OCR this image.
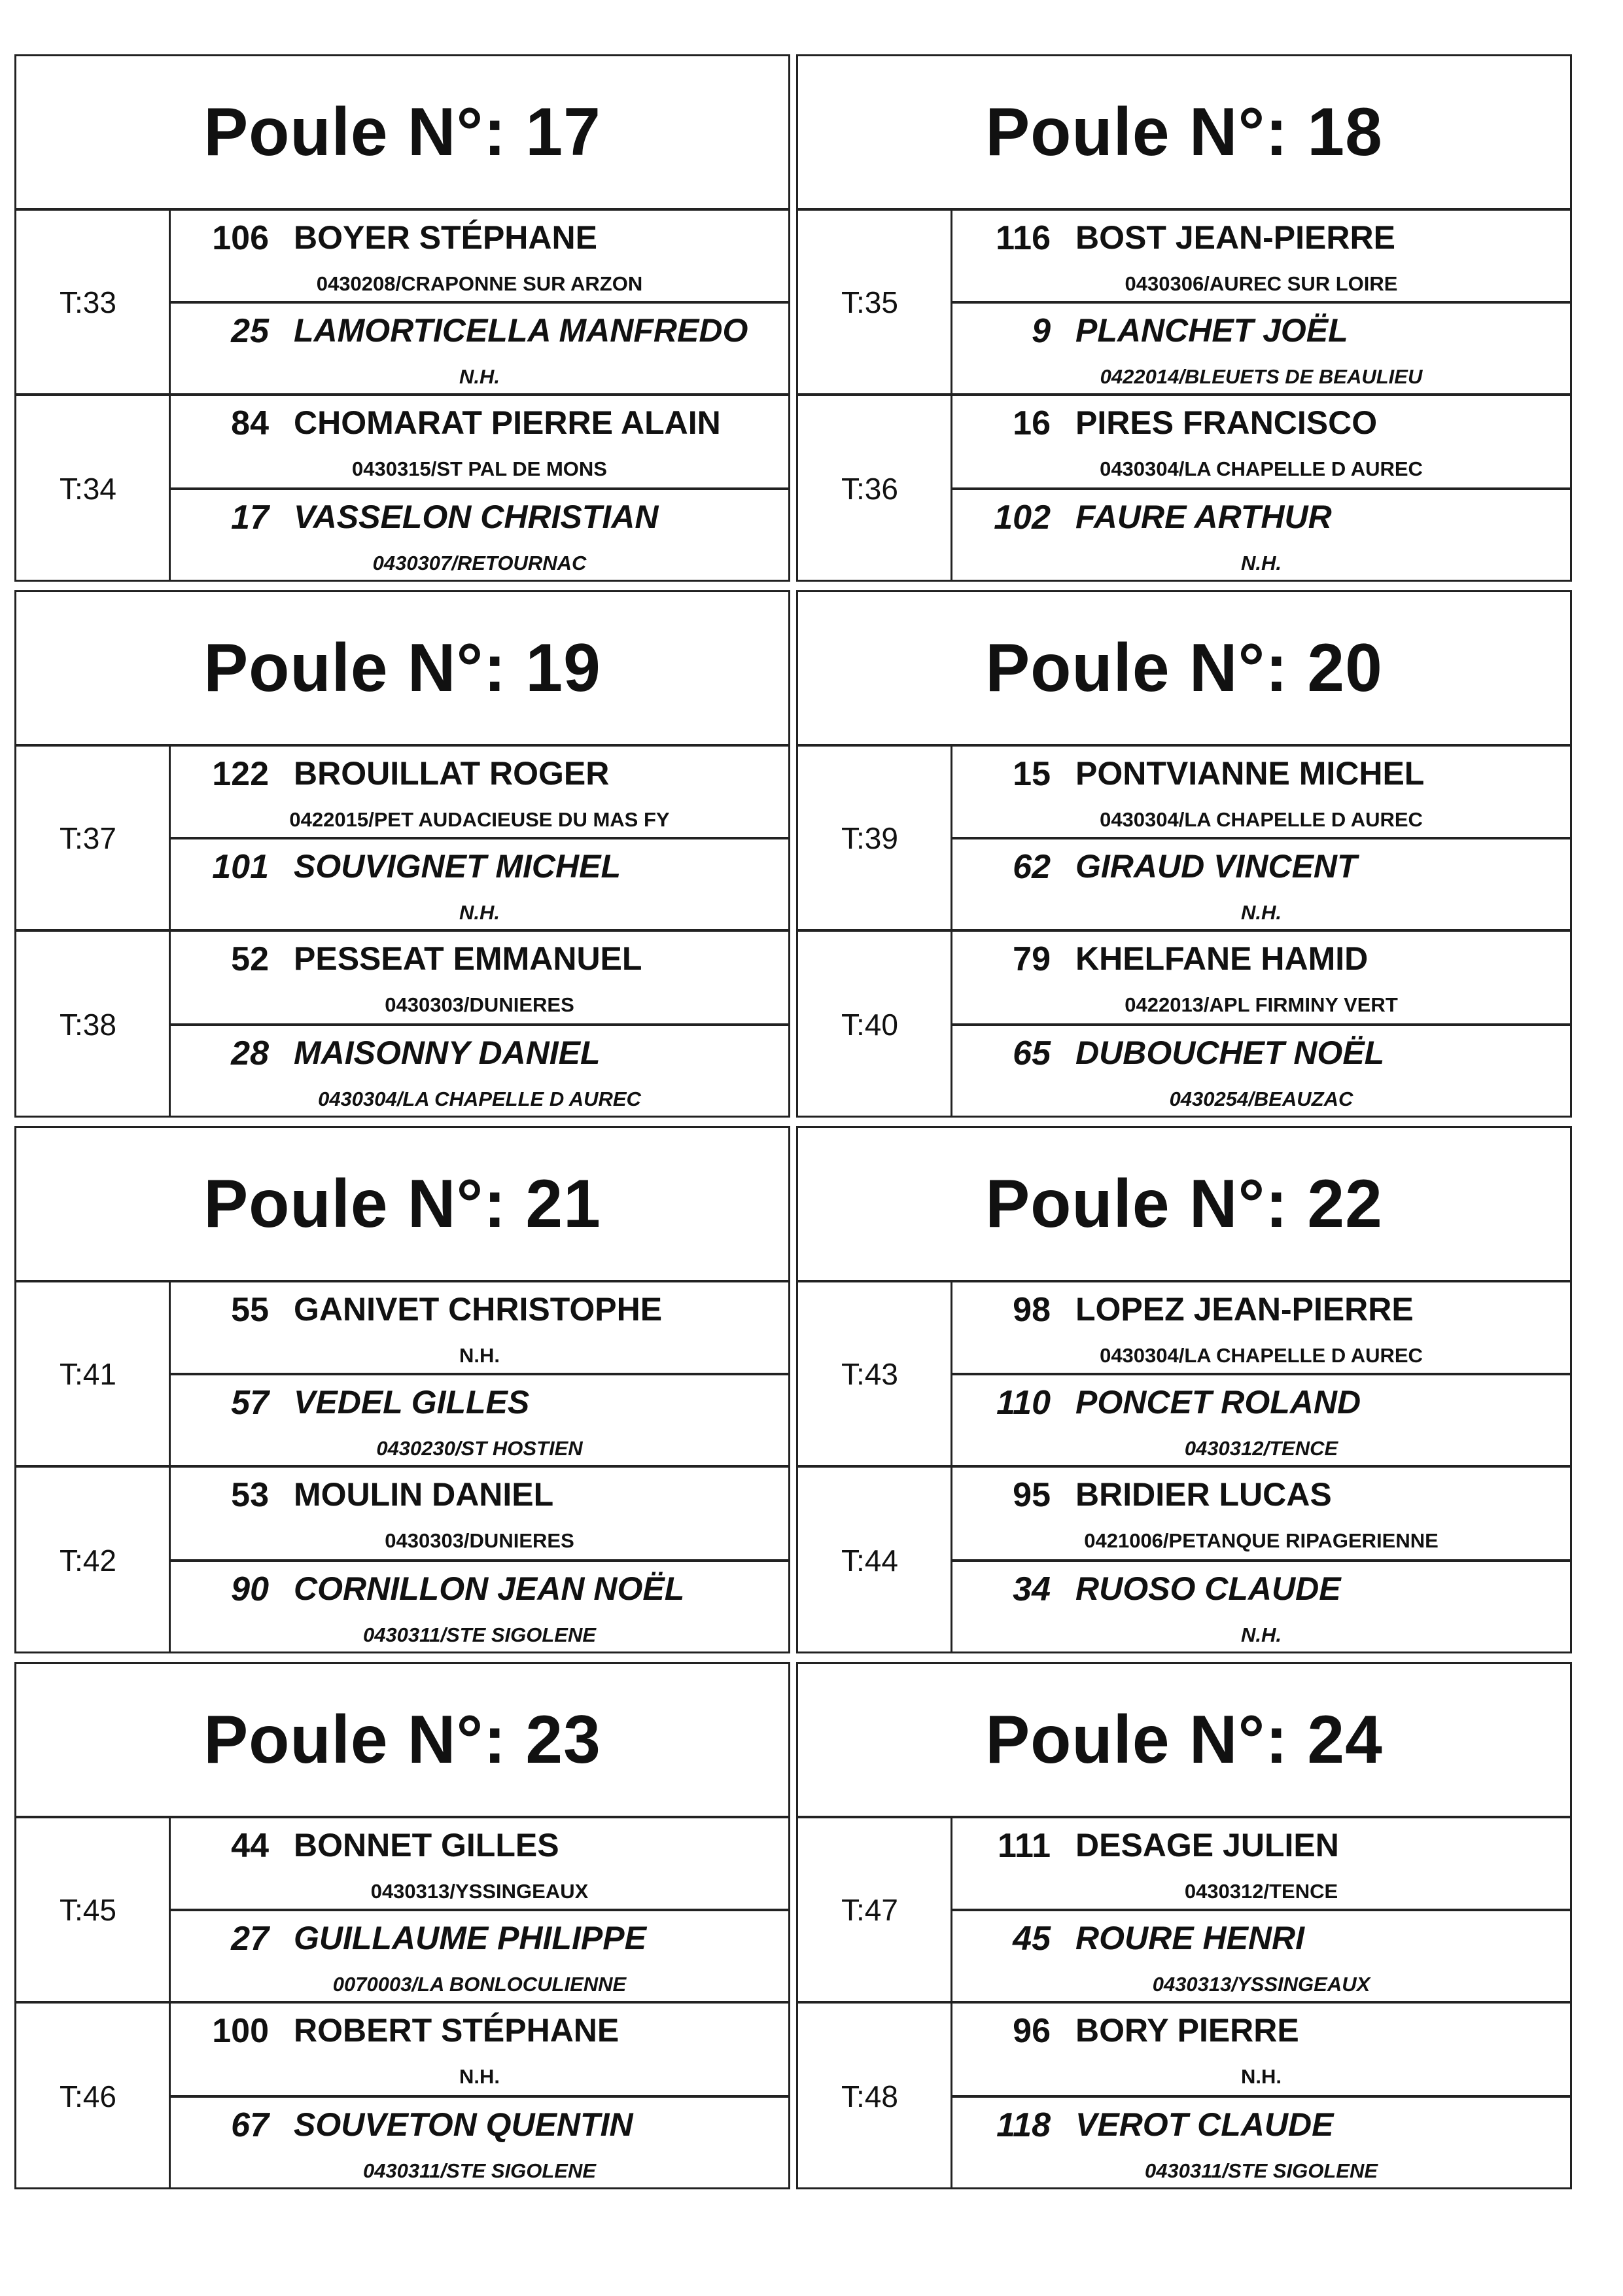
Poule N°: 17
T:33
106 BOYER STÉPHANE
0430208/CRAPONNE SUR ARZON
25 LAMORTICELLA MANFREDO
N.H.
T:34
84 CHOMARAT PIERRE ALAIN
0430315/ST PAL DE MONS
17 VASSELON CHRISTIAN
0430307/RETOURNAC
Poule N°: 18
T:35
116 BOST JEAN-PIERRE
0430306/AUREC SUR LOIRE
9 PLANCHET JOËL
0422014/BLEUETS DE BEAULIEU
T:36
16 PIRES FRANCISCO
0430304/LA CHAPELLE D AUREC
102 FAURE ARTHUR
N.H.
Poule N°: 19
T:37
122 BROUILLAT ROGER
0422015/PET AUDACIEUSE DU MAS FY
101 SOUVIGNET MICHEL
N.H.
T:38
52 PESSEAT EMMANUEL
0430303/DUNIERES
28 MAISONNY DANIEL
0430304/LA CHAPELLE D AUREC
Poule N°: 20
T:39
15 PONTVIANNE MICHEL
0430304/LA CHAPELLE D AUREC
62 GIRAUD VINCENT
N.H.
T:40
79 KHELFANE HAMID
0422013/APL FIRMINY VERT
65 DUBOUCHET NOËL
0430254/BEAUZAC
Poule N°: 21
T:41
55 GANIVET CHRISTOPHE
N.H.
57 VEDEL GILLES
0430230/ST HOSTIEN
T:42
53 MOULIN DANIEL
0430303/DUNIERES
90 CORNILLON JEAN NOËL
0430311/STE SIGOLENE
Poule N°: 22
T:43
98 LOPEZ JEAN-PIERRE
0430304/LA CHAPELLE D AUREC
110 PONCET ROLAND
0430312/TENCE
T:44
95 BRIDIER LUCAS
0421006/PETANQUE RIPAGERIENNE
34 RUOSO CLAUDE
N.H.
Poule N°: 23
T:45
44 BONNET GILLES
0430313/YSSINGEAUX
27 GUILLAUME PHILIPPE
0070003/LA BONLOCULIENNE
T:46
100 ROBERT STÉPHANE
N.H.
67 SOUVETON QUENTIN
0430311/STE SIGOLENE
Poule N°: 24
T:47
111 DESAGE JULIEN
0430312/TENCE
45 ROURE HENRI
0430313/YSSINGEAUX
T:48
96 BORY PIERRE
N.H.
118 VEROT CLAUDE
0430311/STE SIGOLENE
